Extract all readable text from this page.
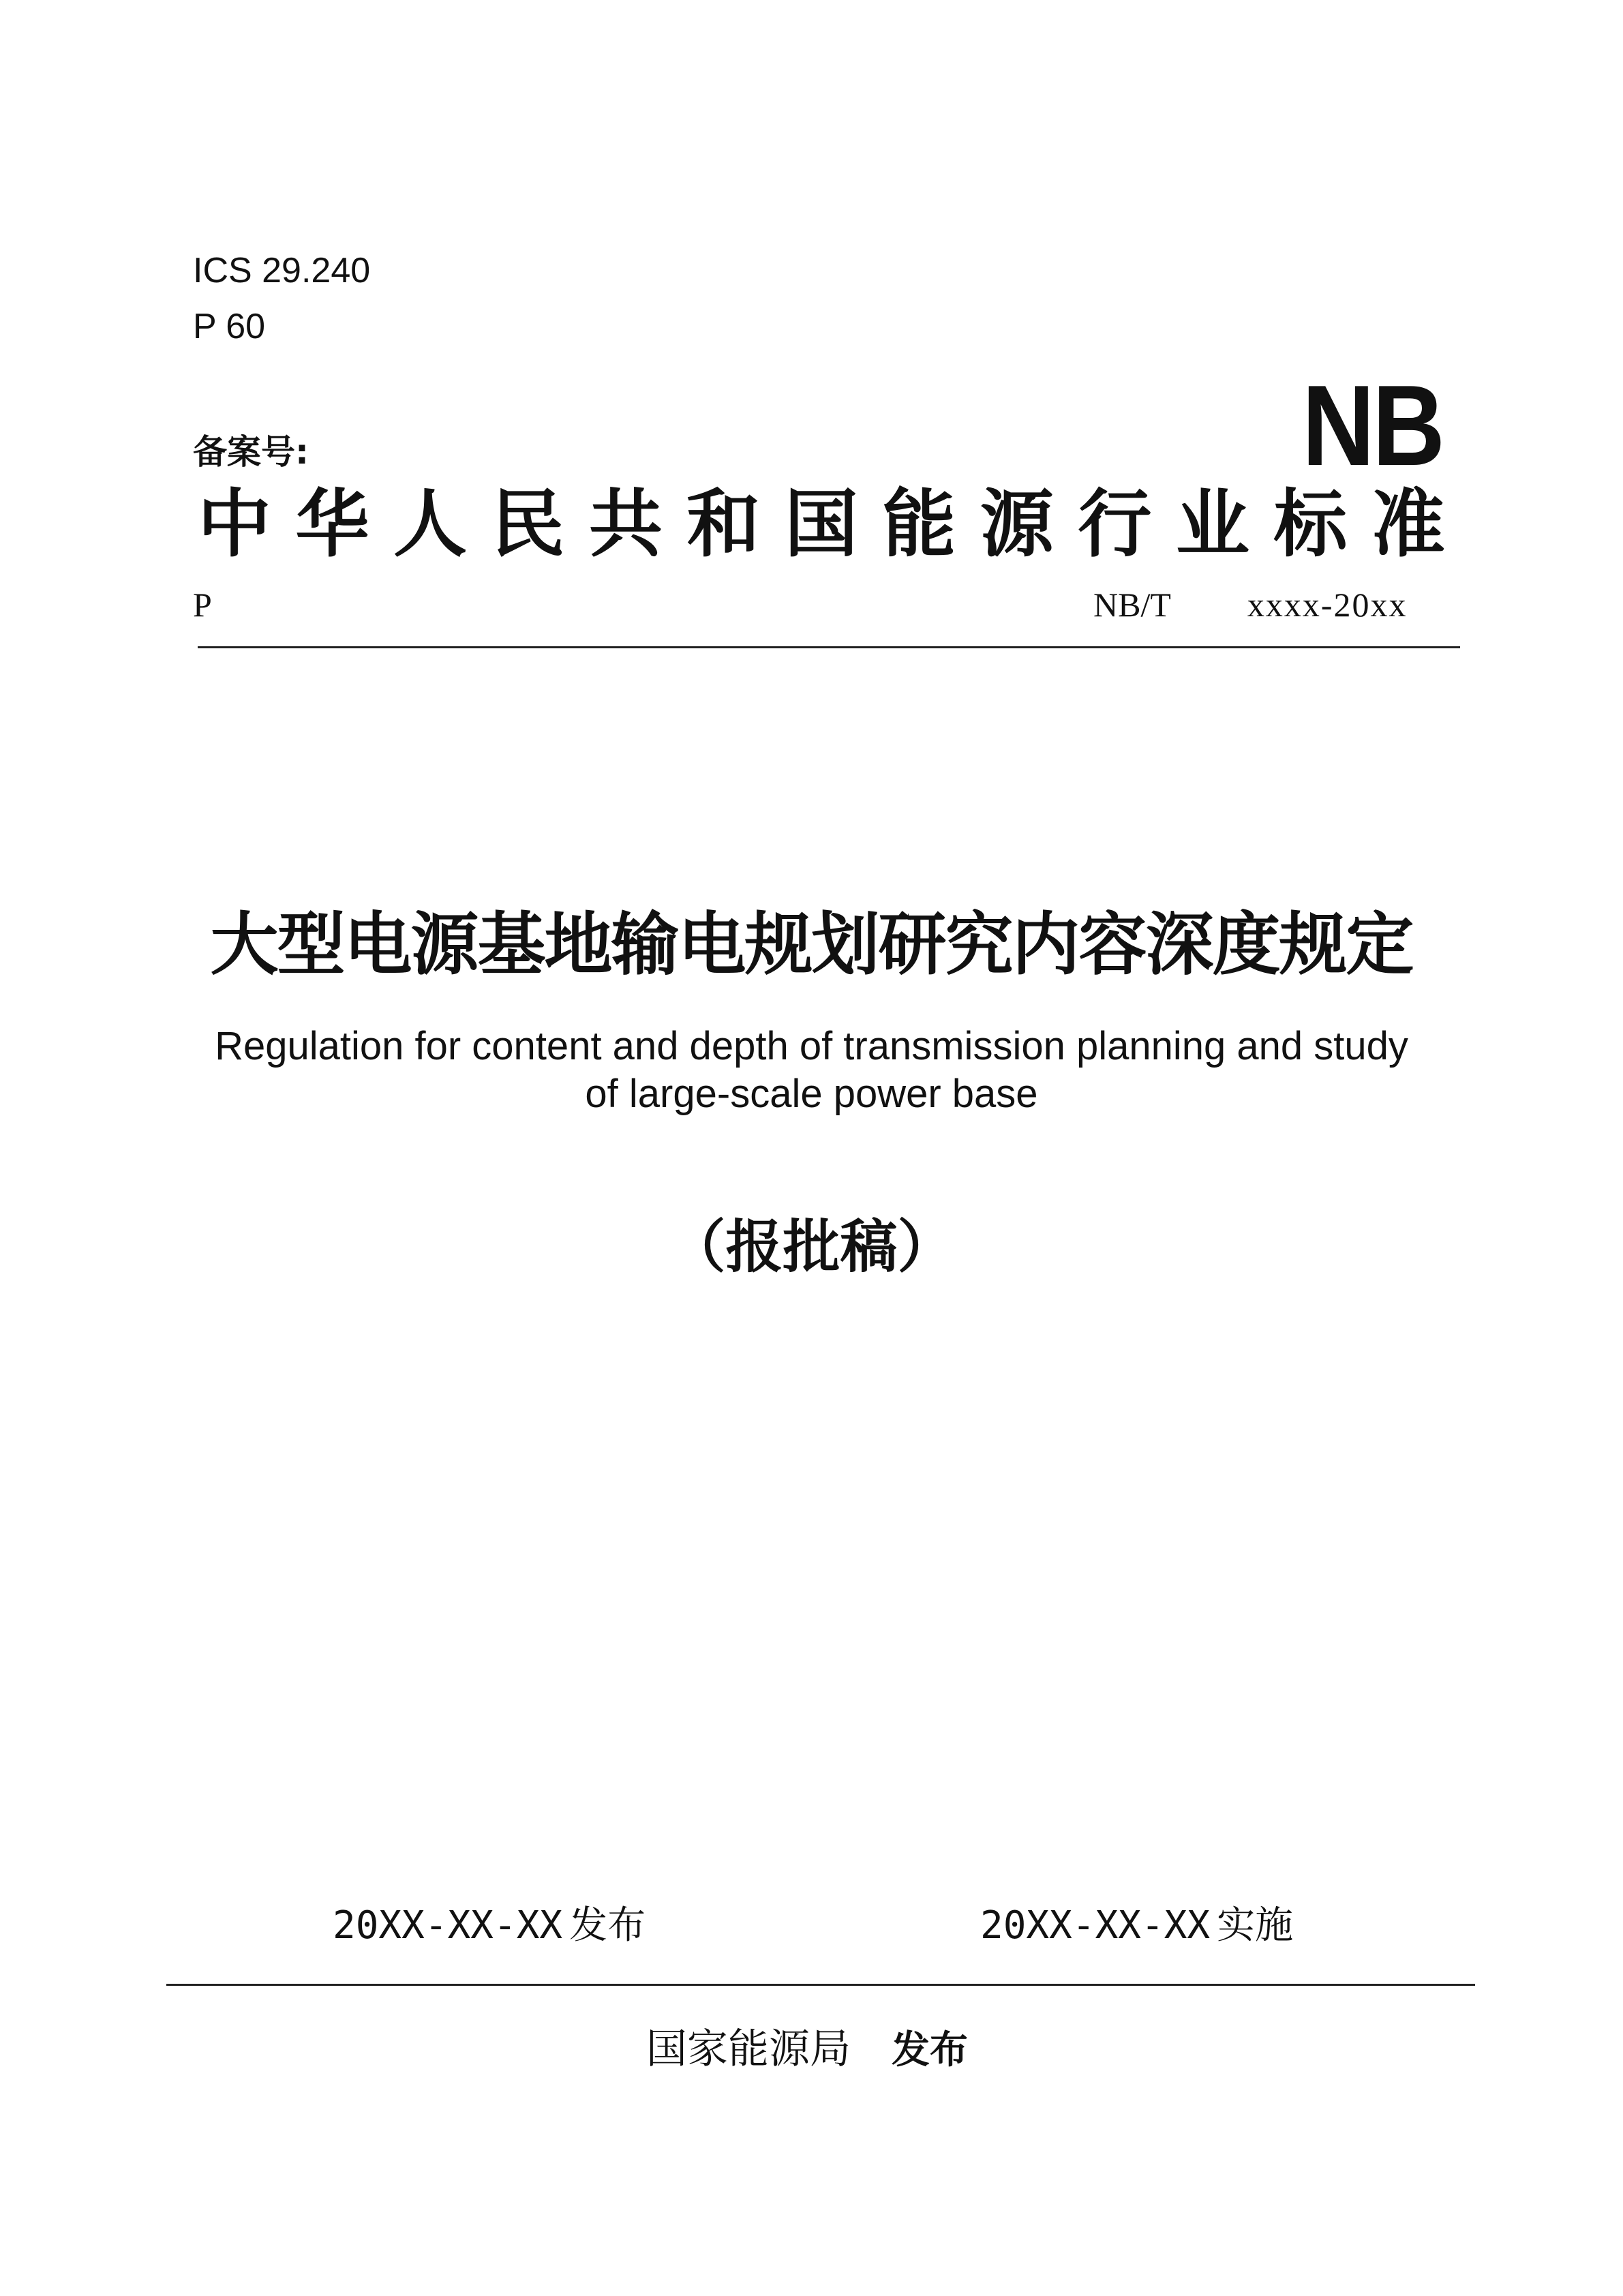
ICS 29.240
P 60
NB
备案号:
中 华 人 民 共 和 国 能 源 行 业 标 准
P	NB/T xxxx-20xx
大型电源基地输电规划研究内容深度规定
Regulation for content and depth of transmission planning and study
of large-scale power base
（报批稿）
20XX-XX-XX 发布	20XX-XX-XX 实施
国家能源局 发布
